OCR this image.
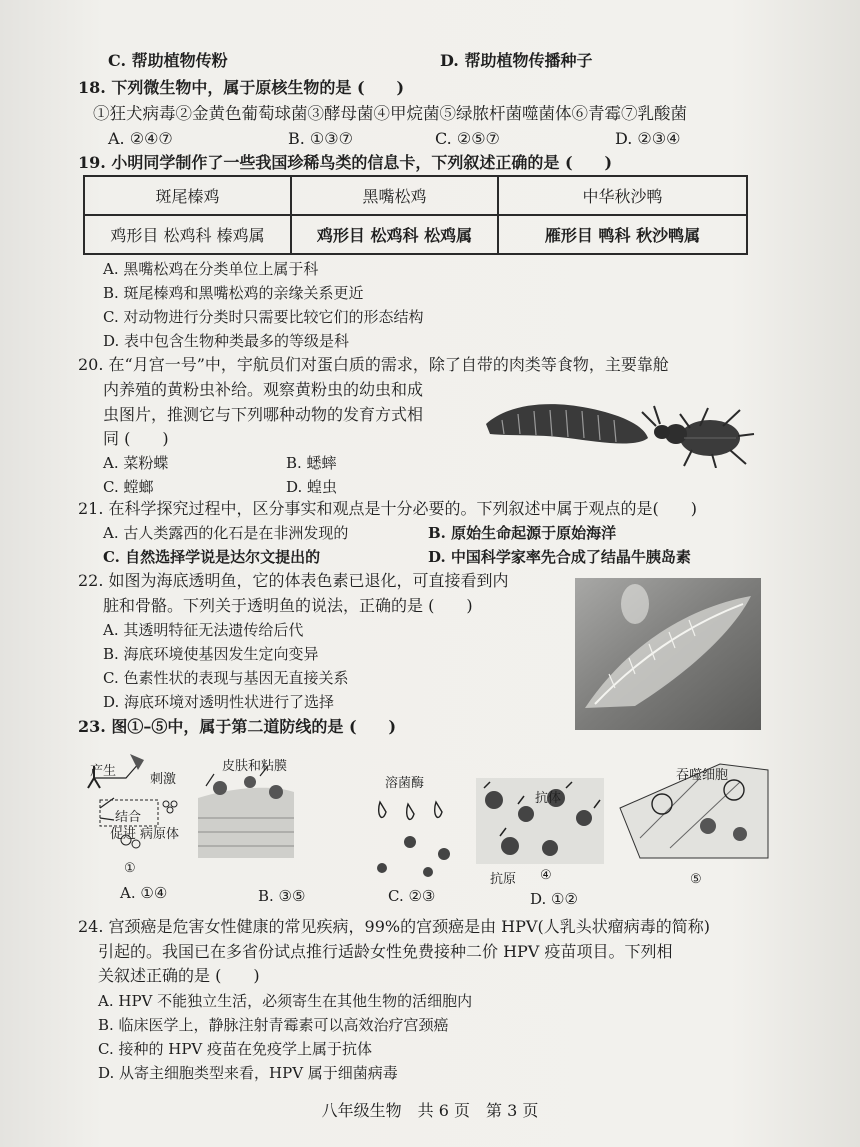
C. 帮助植物传粉	D. 帮助植物传播种子
18. 下列微生物中，属于原核生物的是 (　　)
①狂犬病毒②金黄色葡萄球菌③酵母菌④甲烷菌⑤绿脓杆菌噬菌体⑥青霉⑦乳酸菌
A. ②④⑦	B. ①③⑦	C. ②⑤⑦	D. ②③④
19. 小明同学制作了一些我国珍稀鸟类的信息卡，下列叙述正确的是 (　　)
斑尾榛鸡	黑嘴松鸡	中华秋沙鸭
鸡形目 松鸡科 榛鸡属	鸡形目 松鸡科 松鸡属	雁形目 鸭科 秋沙鸭属
A. 黑嘴松鸡在分类单位上属于科
B. 斑尾榛鸡和黑嘴松鸡的亲缘关系更近
C. 对动物进行分类时只需要比较它们的形态结构
D. 表中包含生物种类最多的等级是科
20. 在“月宫一号”中，宇航员们对蛋白质的需求，除了自带的肉类等食物，主要靠舱
内养殖的黄粉虫补给。观察黄粉虫的幼虫和成
虫图片，推测它与下列哪种动物的发育方式相
同 (　　)
A. 菜粉蝶	B. 蟋蟀
C. 螳螂	D. 蝗虫
21. 在科学探究过程中，区分事实和观点是十分必要的。下列叙述中属于观点的是(　　)
A. 古人类露西的化石是在非洲发现的	B. 原始生命起源于原始海洋
C. 自然选择学说是达尔文提出的	D. 中国科学家率先合成了结晶牛胰岛素
22. 如图为海底透明鱼，它的体表色素已退化，可直接看到内
脏和骨骼。下列关于透明鱼的说法，正确的是 (　　)
A. 其透明特征无法遗传给后代
B. 海底环境使基因发生定向变异
C. 色素性状的表现与基因无直接关系
D. 海底环境对透明性状进行了选择
23. 图①–⑤中，属于第二道防线的是 (　　)
产生
刺激
结合
促进 病原体
皮肤和粘膜
溶菌酶
抗体
抗原
吞噬细胞
①	④	⑤
A. ①④	B. ③⑤	C. ②③	D. ①②
24. 宫颈癌是危害女性健康的常见疾病，99%的宫颈癌是由 HPV(人乳头状瘤病毒的简称)
引起的。我国已在多省份试点推行适龄女性免费接种二价 HPV 疫苗项目。下列相
关叙述正确的是 (　　)
A. HPV 不能独立生活，必须寄生在其他生物的活细胞内
B. 临床医学上，静脉注射青霉素可以高效治疗宫颈癌
C. 接种的 HPV 疫苗在免疫学上属于抗体
D. 从寄主细胞类型来看，HPV 属于细菌病毒
八年级生物　共 6 页　第 3 页
